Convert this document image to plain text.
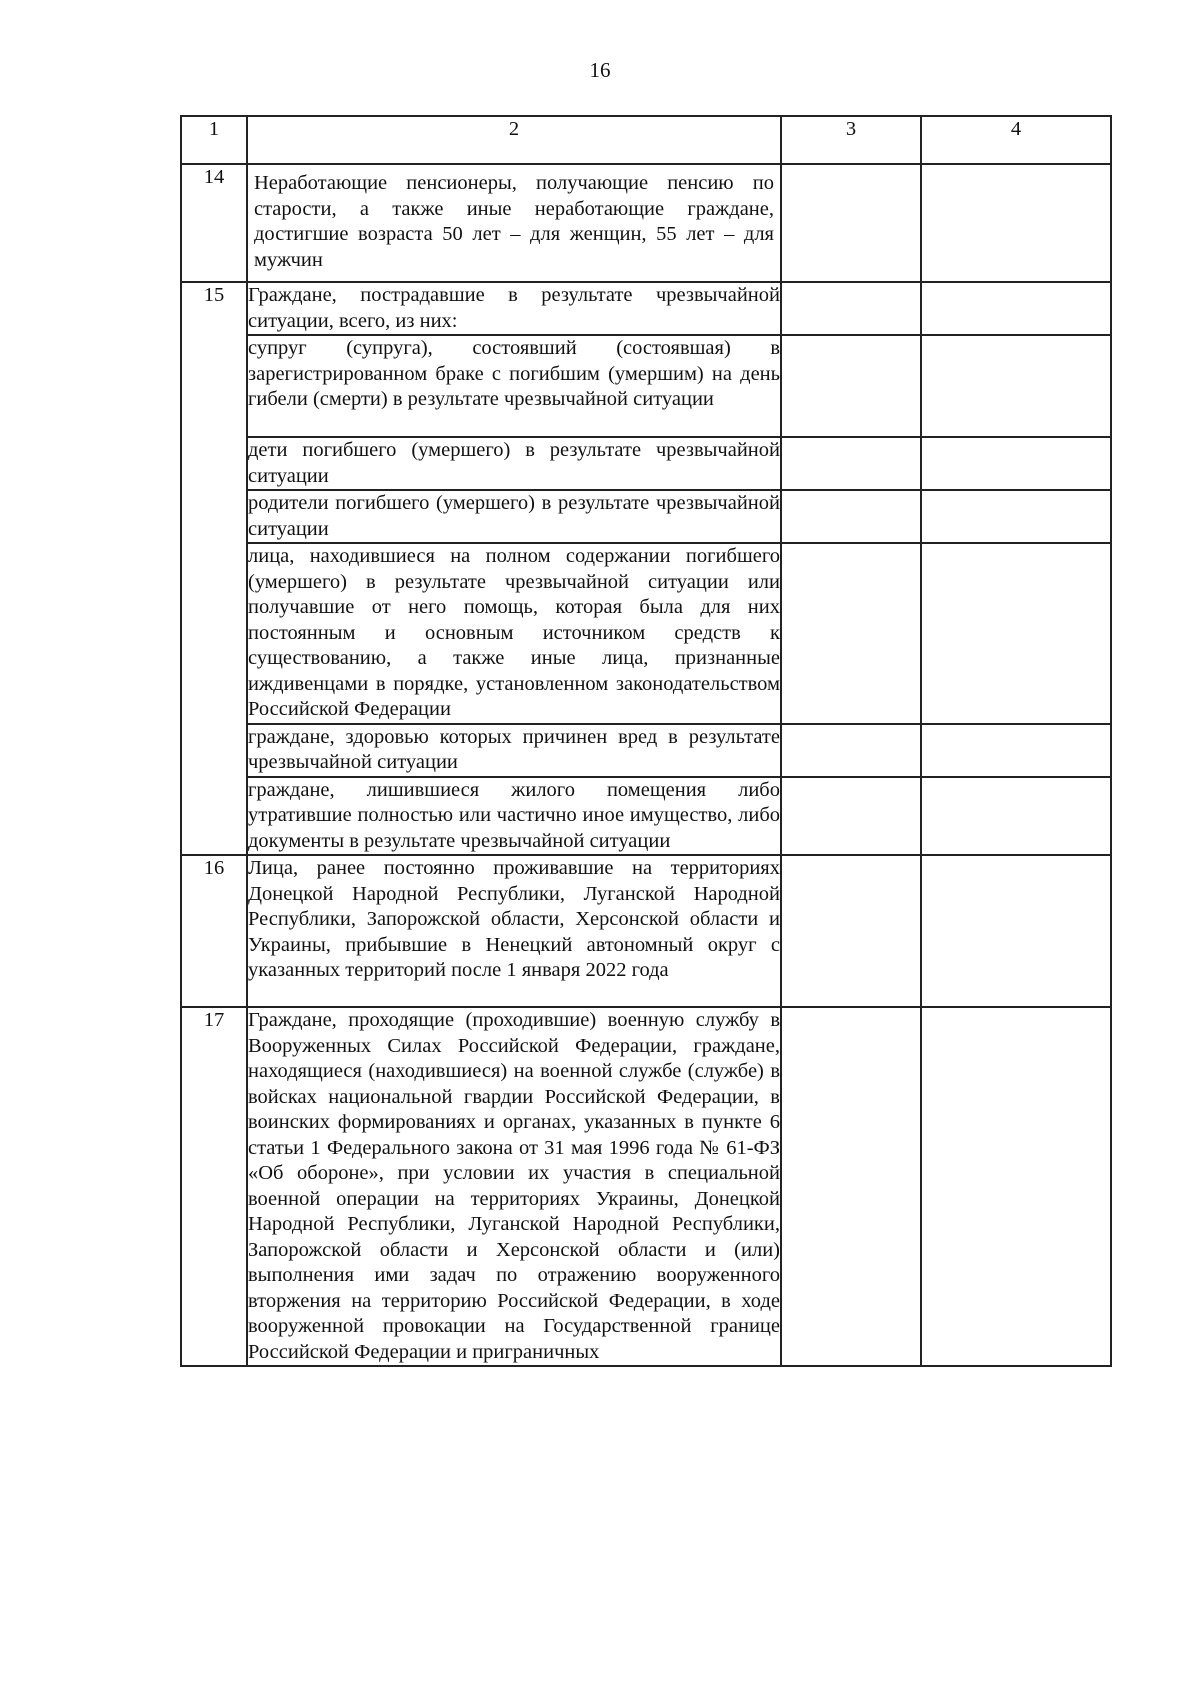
16
1	2	3	4
14	Неработающие пенсионеры, получающие пенсию по старости, а также иные неработающие граждане, достигшие возраста 50 лет – для женщин, 55 лет – для мужчин		
15	Граждане, пострадавшие в результате чрезвычайной ситуации, всего, из них:		
	супруг (супруга), состоявший (состоявшая) в зарегистрированном браке с погибшим (умершим) на день гибели (смерти) в результате чрезвычайной ситуации		
	дети погибшего (умершего) в результате чрезвычайной ситуации		
	родители погибшего (умершего) в результате чрезвычайной ситуации		
	лица, находившиеся на полном содержании погибшего (умершего) в результате чрезвычайной ситуации или получавшие от него помощь, которая была для них постоянным и основным источником средств к существованию, а также иные лица, признанные иждивенцами в порядке, установленном законодательством Российской Федерации		
	граждане, здоровью которых причинен вред в результате чрезвычайной ситуации		
	граждане, лишившиеся жилого помещения либо утратившие полностью или частично иное имущество, либо документы в результате чрезвычайной ситуации		
16	Лица, ранее постоянно проживавшие на территориях Донецкой Народной Республики, Луганской Народной Республики, Запорожской области, Херсонской области и Украины, прибывшие в Ненецкий автономный округ с указанных территорий после 1 января 2022 года		
17	Граждане, проходящие (проходившие) военную службу в Вооруженных Силах Российской Федерации, граждане, находящиеся (находившиеся) на военной службе (службе) в войсках национальной гвардии Российской Федерации, в воинских формированиях и органах, указанных в пункте 6 статьи 1 Федерального закона от 31 мая 1996 года № 61-ФЗ «Об обороне», при условии их участия в специальной военной операции на территориях Украины, Донецкой Народной Республики, Луганской Народной Республики, Запорожской области и Херсонской области и (или) выполнения ими задач по отражению вооруженного вторжения на территорию Российской Федерации, в ходе вооруженной провокации на Государственной границе Российской Федерации и приграничных		
